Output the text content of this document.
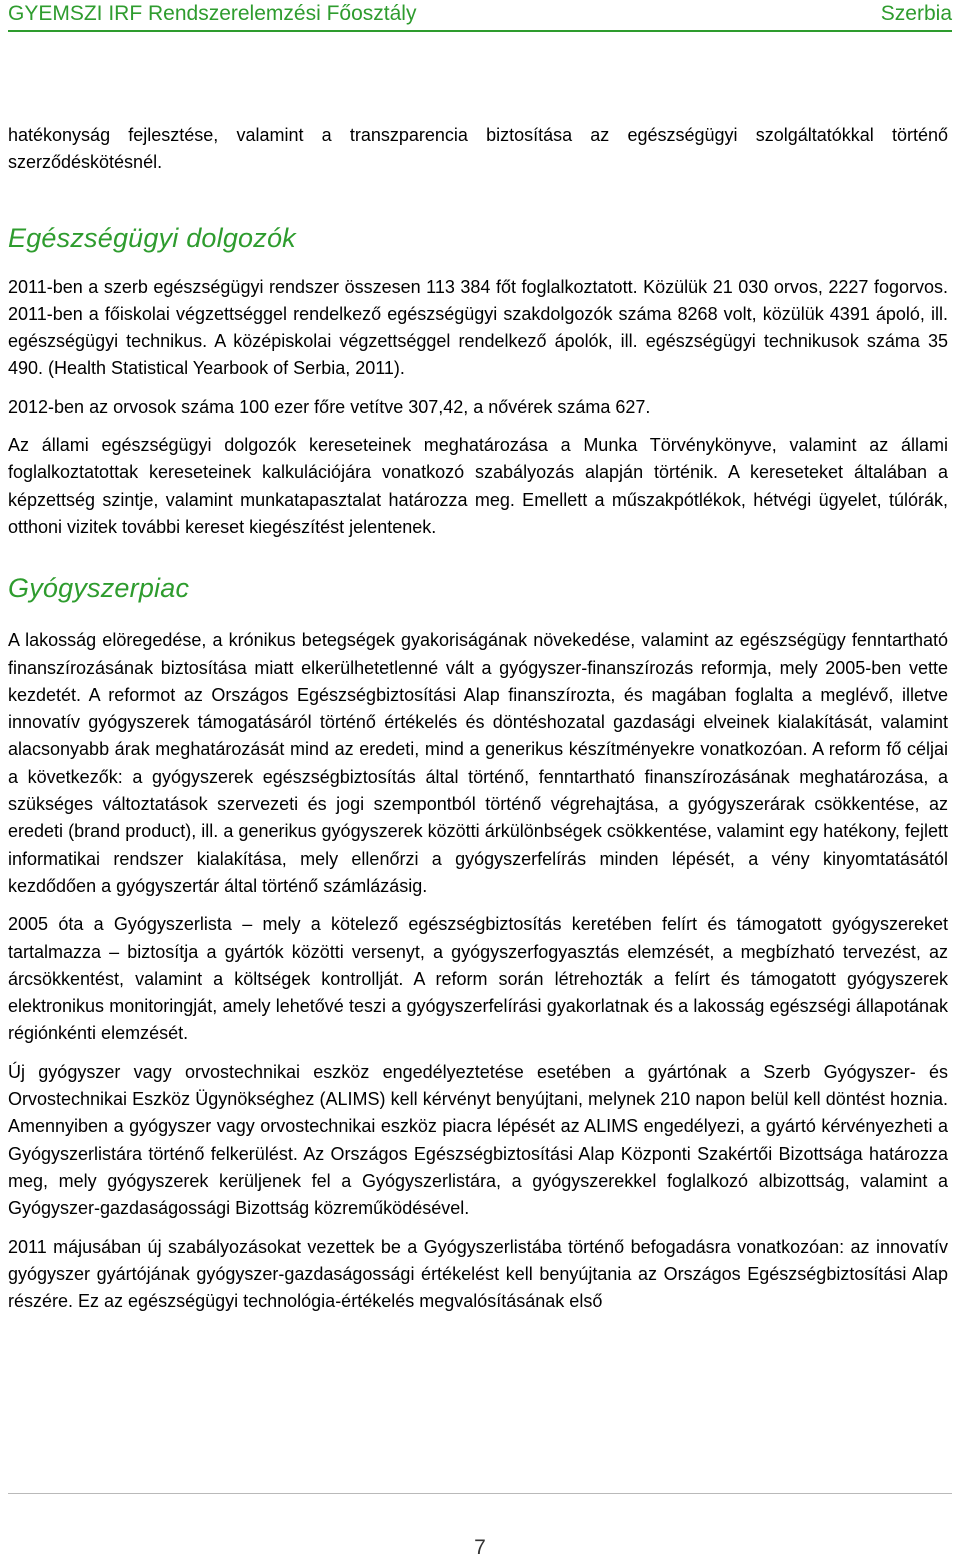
GYEMSZI IRF Rendszerelemzési Főosztály	Szerbia

hatékonyság fejlesztése, valamint a transzparencia biztosítása az egészségügyi szolgáltatókkal történő szerződéskötésnél.

Egészségügyi dolgozók

2011-ben a szerb egészségügyi rendszer összesen 113 384 főt foglalkoztatott. Közülük 21 030 orvos, 2227 fogorvos. 2011-ben a főiskolai végzettséggel rendelkező egészségügyi szakdolgozók száma 8268 volt, közülük 4391 ápoló, ill. egészségügyi technikus. A középiskolai végzettséggel rendelkező ápolók, ill. egészségügyi technikusok száma 35 490. (Health Statistical Yearbook of Serbia, 2011).

2012-ben az orvosok száma 100 ezer főre vetítve 307,42, a nővérek száma 627.

Az állami egészségügyi dolgozók kereseteinek meghatározása a Munka Törvénykönyve, valamint az állami foglalkoztatottak kereseteinek kalkulációjára vonatkozó szabályozás alapján történik. A kereseteket általában a képzettség szintje, valamint munkatapasztalat határozza meg. Emellett a műszakpótlékok, hétvégi ügyelet, túlórák, otthoni vizitek további kereset kiegészítést jelentenek.

Gyógyszerpiac

A lakosság elöregedése, a krónikus betegségek gyakoriságának növekedése, valamint az egészségügy fenntartható finanszírozásának biztosítása miatt elkerülhetetlenné vált a gyógyszer-finanszírozás reformja, mely 2005-ben vette kezdetét. A reformot az Országos Egészségbiztosítási Alap finanszírozta, és magában foglalta a meglévő, illetve innovatív gyógyszerek támogatásáról történő értékelés és döntéshozatal gazdasági elveinek kialakítását, valamint alacsonyabb árak meghatározását mind az eredeti, mind a generikus készítményekre vonatkozóan. A reform fő céljai a következők: a gyógyszerek egészségbiztosítás által történő, fenntartható finanszírozásának meghatározása, a szükséges változtatások szervezeti és jogi szempontból történő végrehajtása, a gyógyszerárak csökkentése, az eredeti (brand product), ill. a generikus gyógyszerek közötti árkülönbségek csökkentése, valamint egy hatékony, fejlett informatikai rendszer kialakítása, mely ellenőrzi a gyógyszerfelírás minden lépését, a vény kinyomtatásától kezdődően a gyógyszertár által történő számlázásig.

2005 óta a Gyógyszerlista – mely a kötelező egészségbiztosítás keretében felírt és támogatott gyógyszereket tartalmazza – biztosítja a gyártók közötti versenyt, a gyógyszerfogyasztás elemzését, a megbízható tervezést, az árcsökkentést, valamint a költségek kontrollját. A reform során létrehozták a felírt és támogatott gyógyszerek elektronikus monitoringját, amely lehetővé teszi a gyógyszerfelírási gyakorlatnak és a lakosság egészségi állapotának régiónkénti elemzését.

Új gyógyszer vagy orvostechnikai eszköz engedélyeztetése esetében a gyártónak a Szerb Gyógyszer- és Orvostechnikai Eszköz Ügynökséghez (ALIMS) kell kérvényt benyújtani, melynek 210 napon belül kell döntést hoznia. Amennyiben a gyógyszer vagy orvostechnikai eszköz piacra lépését az ALIMS engedélyezi, a gyártó kérvényezheti a Gyógyszerlistára történő felkerülést. Az Országos Egészségbiztosítási Alap Központi Szakértői Bizottsága határozza meg, mely gyógyszerek kerüljenek fel a Gyógyszerlistára, a gyógyszerekkel foglalkozó albizottság, valamint a Gyógyszer-gazdaságossági Bizottság közreműködésével.

2011 májusában új szabályozásokat vezettek be a Gyógyszerlistába történő befogadásra vonatkozóan: az innovatív gyógyszer gyártójának gyógyszer-gazdaságossági értékelést kell benyújtania az Országos Egészségbiztosítási Alap részére. Ez az egészségügyi technológia-értékelés megvalósításának első

7
